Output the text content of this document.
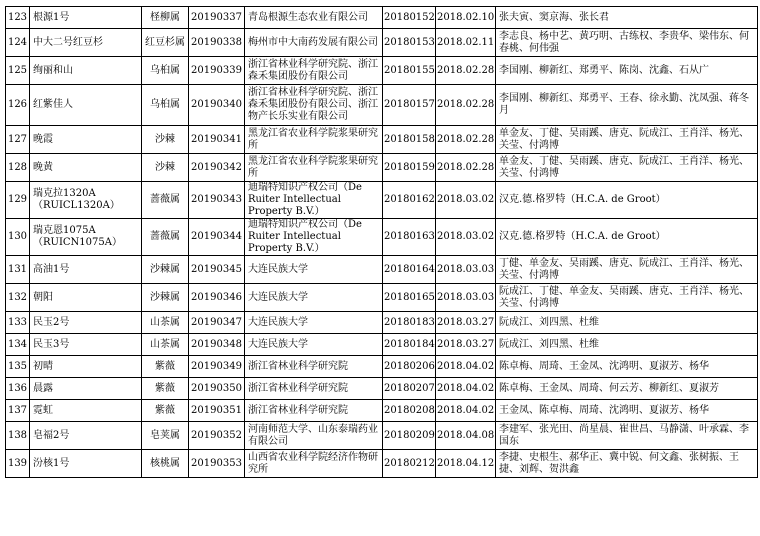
123	根源1号	柽柳属	20190337	青岛根源生态农业有限公司	20180152	2018.02.10	张夫寅、窦京海、张长君
124	中大二号红豆杉	红豆杉属	20190338	梅州市中大南药发展有限公司	20180153	2018.02.11	李志良、杨中艺、黄巧明、古练权、李贵华、梁伟东、何春桃、何伟强
125	绚丽和山	乌桕属	20190339	浙江省林业科学研究院、浙江森禾集团股份有限公司	20180155	2018.02.28	李国刚、柳新红、郑勇平、陈岗、沈鑫、石从广
126	红紫佳人	乌桕属	20190340	浙江省林业科学研究院、浙江森禾集团股份有限公司、浙江物产长乐实业有限公司	20180157	2018.02.28	李国刚、柳新红、郑勇平、王春、徐永勤、沈凤强、蒋冬月
127	晚霞	沙棘	20190341	黑龙江省农业科学院浆果研究所	20180158	2018.02.28	单金友、丁健、吴雨蹊、唐克、阮成江、王肖洋、杨光、关莹、付鸿博
128	晚黄	沙棘	20190342	黑龙江省农业科学院浆果研究所	20180159	2018.02.28	单金友、丁健、吴雨蹊、唐克、阮成江、王肖洋、杨光、关莹、付鸿博
129	瑞克拉1320A（RUICL1320A）	蔷薇属	20190343	迪瑞特知识产权公司（De Ruiter Intellectual Property B.V.）	20180162	2018.03.02	汉克.德.格罗特（H.C.A. de Groot）
130	瑞克恩1075A（RUICN1075A）	蔷薇属	20190344	迪瑞特知识产权公司（De Ruiter Intellectual Property B.V.）	20180163	2018.03.02	汉克.德.格罗特（H.C.A. de Groot）
131	高油1号	沙棘属	20190345	大连民族大学	20180164	2018.03.03	丁健、单金友、吴雨蹊、唐克、阮成江、王肖洋、杨光、关莹、付鸿博
132	朝阳	沙棘属	20190346	大连民族大学	20180165	2018.03.03	阮成江、丁健、单金友、吴雨蹊、唐克、王肖洋、杨光、关莹、付鸿博
133	民玉2号	山茶属	20190347	大连民族大学	20180183	2018.03.27	阮成江、刘四黑、杜维
134	民玉3号	山茶属	20190348	大连民族大学	20180184	2018.03.27	阮成江、刘四黑、杜维
135	初晴	紫薇	20190349	浙江省林业科学研究院	20180206	2018.04.02	陈卓梅、周琦、王金凤、沈鸿明、夏淑芳、杨华
136	晨露	紫薇	20190350	浙江省林业科学研究院	20180207	2018.04.02	陈卓梅、王金凤、周琦、何云芳、柳新红、夏淑芳
137	霓虹	紫薇	20190351	浙江省林业科学研究院	20180208	2018.04.02	王金凤、陈卓梅、周琦、沈鸿明、夏淑芳、杨华
138	皂福2号	皂荚属	20190352	河南师范大学、山东泰瑞药业有限公司	20180209	2018.04.08	李建军、张光田、尚星晨、崔世昌、马静潇、叶承霖、李国东
139	汾核1号	核桃属	20190353	山西省农业科学院经济作物研究所	20180212	2018.04.12	李捷、史根生、郝华正、冀中锐、何文鑫、张树振、王捷、刘辉、贺洪鑫
